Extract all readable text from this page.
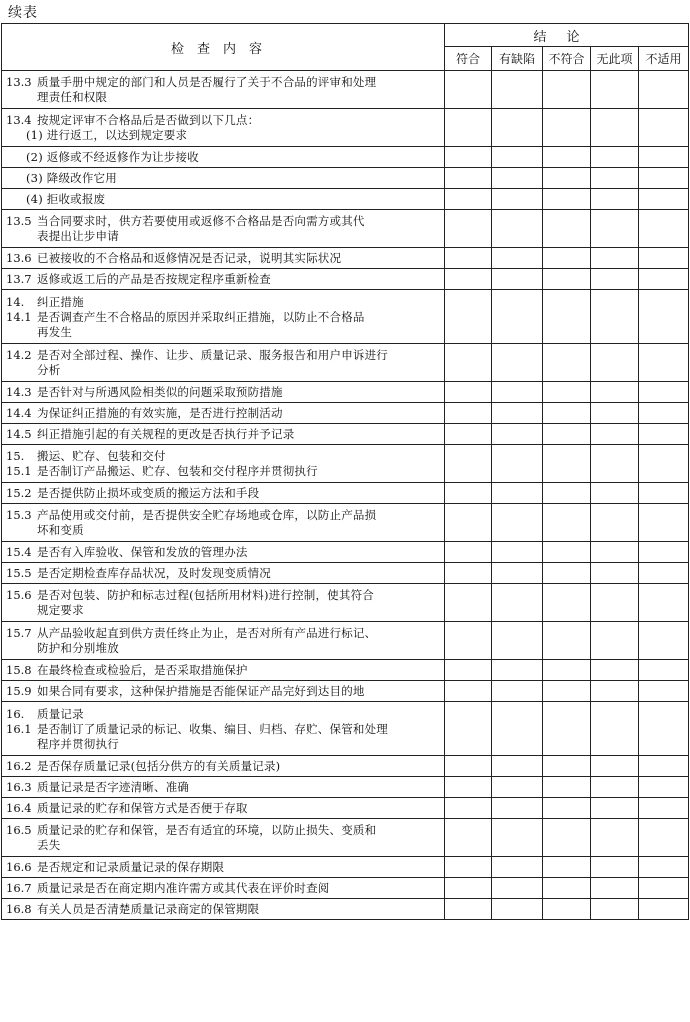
续表
检查内容	结论				
	符合	有缺陷	不符合	无此项	不适用

13.3 质量手册中规定的部门和人员是否履行了关于不合品的评审和处理
理责任和权限					

13.4 按规定评审不合格品后是否做到以下几点：
(1) 进行返工，以达到规定要求					

(2) 返修或不经返修作为让步接收					

(3) 降级改作它用					

(4) 拒收或报废					

13.5 当合同要求时，供方若要使用或返修不合格品是否向需方或其代
表提出让步申请					

13.6 已被接收的不合格品和返修情况是否记录，说明其实际状况					

13.7 返修或返工后的产品是否按规定程序重新检查					

14. 纠正措施
14.1 是否调查产生不合格品的原因并采取纠正措施，以防止不合格品
再发生					

14.2 是否对全部过程、操作、让步、质量记录、服务报告和用户申诉进行
分析					

14.3 是否针对与所遇风险相类似的问题采取预防措施					

14.4 为保证纠正措施的有效实施，是否进行控制活动					

14.5 纠正措施引起的有关规程的更改是否执行并予记录					

15. 搬运、贮存、包装和交付
15.1 是否制订产品搬运、贮存、包装和交付程序并贯彻执行					

15.2 是否提供防止损坏或变质的搬运方法和手段					

15.3 产品使用或交付前，是否提供安全贮存场地或仓库，以防止产品损
坏和变质					

15.4 是否有入库验收、保管和发放的管理办法					

15.5 是否定期检查库存品状况，及时发现变质情况					

15.6 是否对包装、防护和标志过程(包括所用材料)进行控制，使其符合
规定要求					

15.7 从产品验收起直到供方责任终止为止，是否对所有产品进行标记、
防护和分别堆放					

15.8 在最终检查或检验后，是否采取措施保护					

15.9 如果合同有要求，这种保护措施是否能保证产品完好到达目的地					

16. 质量记录
16.1 是否制订了质量记录的标记、收集、编目、归档、存贮、保管和处理
程序并贯彻执行					

16.2 是否保存质量记录(包括分供方的有关质量记录)					

16.3 质量记录是否字迹清晰、准确					

16.4 质量记录的贮存和保管方式是否便于存取					

16.5 质量记录的贮存和保管，是否有适宜的环境，以防止损失、变质和
丢失					

16.6 是否规定和记录质量记录的保存期限					

16.7 质量记录是否在商定期内准许需方或其代表在评价时查阅					

16.8 有关人员是否清楚质量记录商定的保管期限					
